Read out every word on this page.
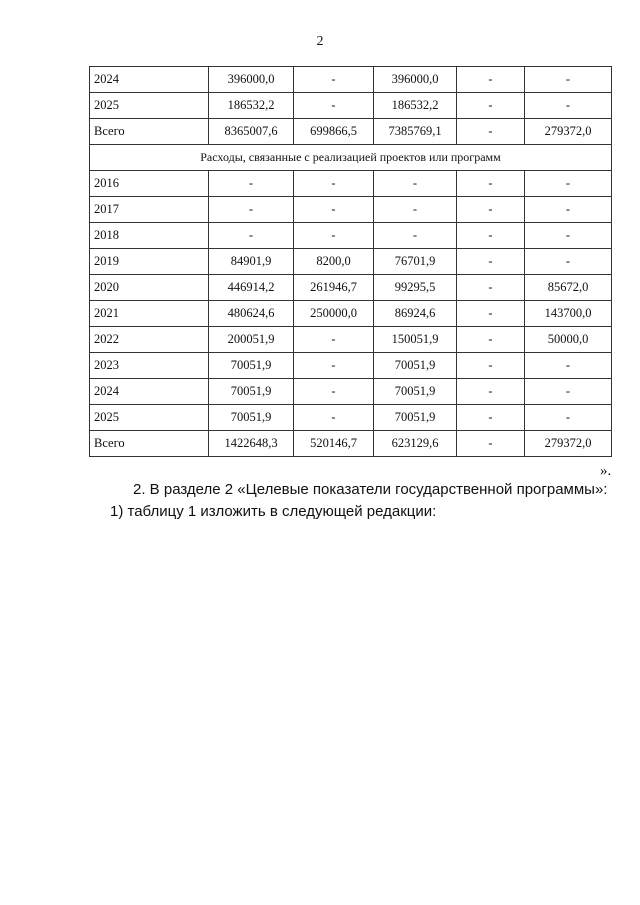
2
2024	396000,0	-	396000,0	-	-
2025	186532,2	-	186532,2	-	-
Всего	8365007,6	699866,5	7385769,1	-	279372,0
Расходы, связанные с реализацией проектов или программ					
2016	-	-	-	-	-
2017	-	-	-	-	-
2018	-	-	-	-	-
2019	84901,9	8200,0	76701,9	-	-
2020	446914,2	261946,7	99295,5	-	85672,0
2021	480624,6	250000,0	86924,6	-	143700,0
2022	200051,9	-	150051,9	-	50000,0
2023	70051,9	-	70051,9	-	-
2024	70051,9	-	70051,9	-	-
2025	70051,9	-	70051,9	-	-
Всего	1422648,3	520146,7	623129,6	-	279372,0
».
2. В разделе 2 «Целевые показатели государственной программы»:
1) таблицу 1 изложить в следующей редакции:
